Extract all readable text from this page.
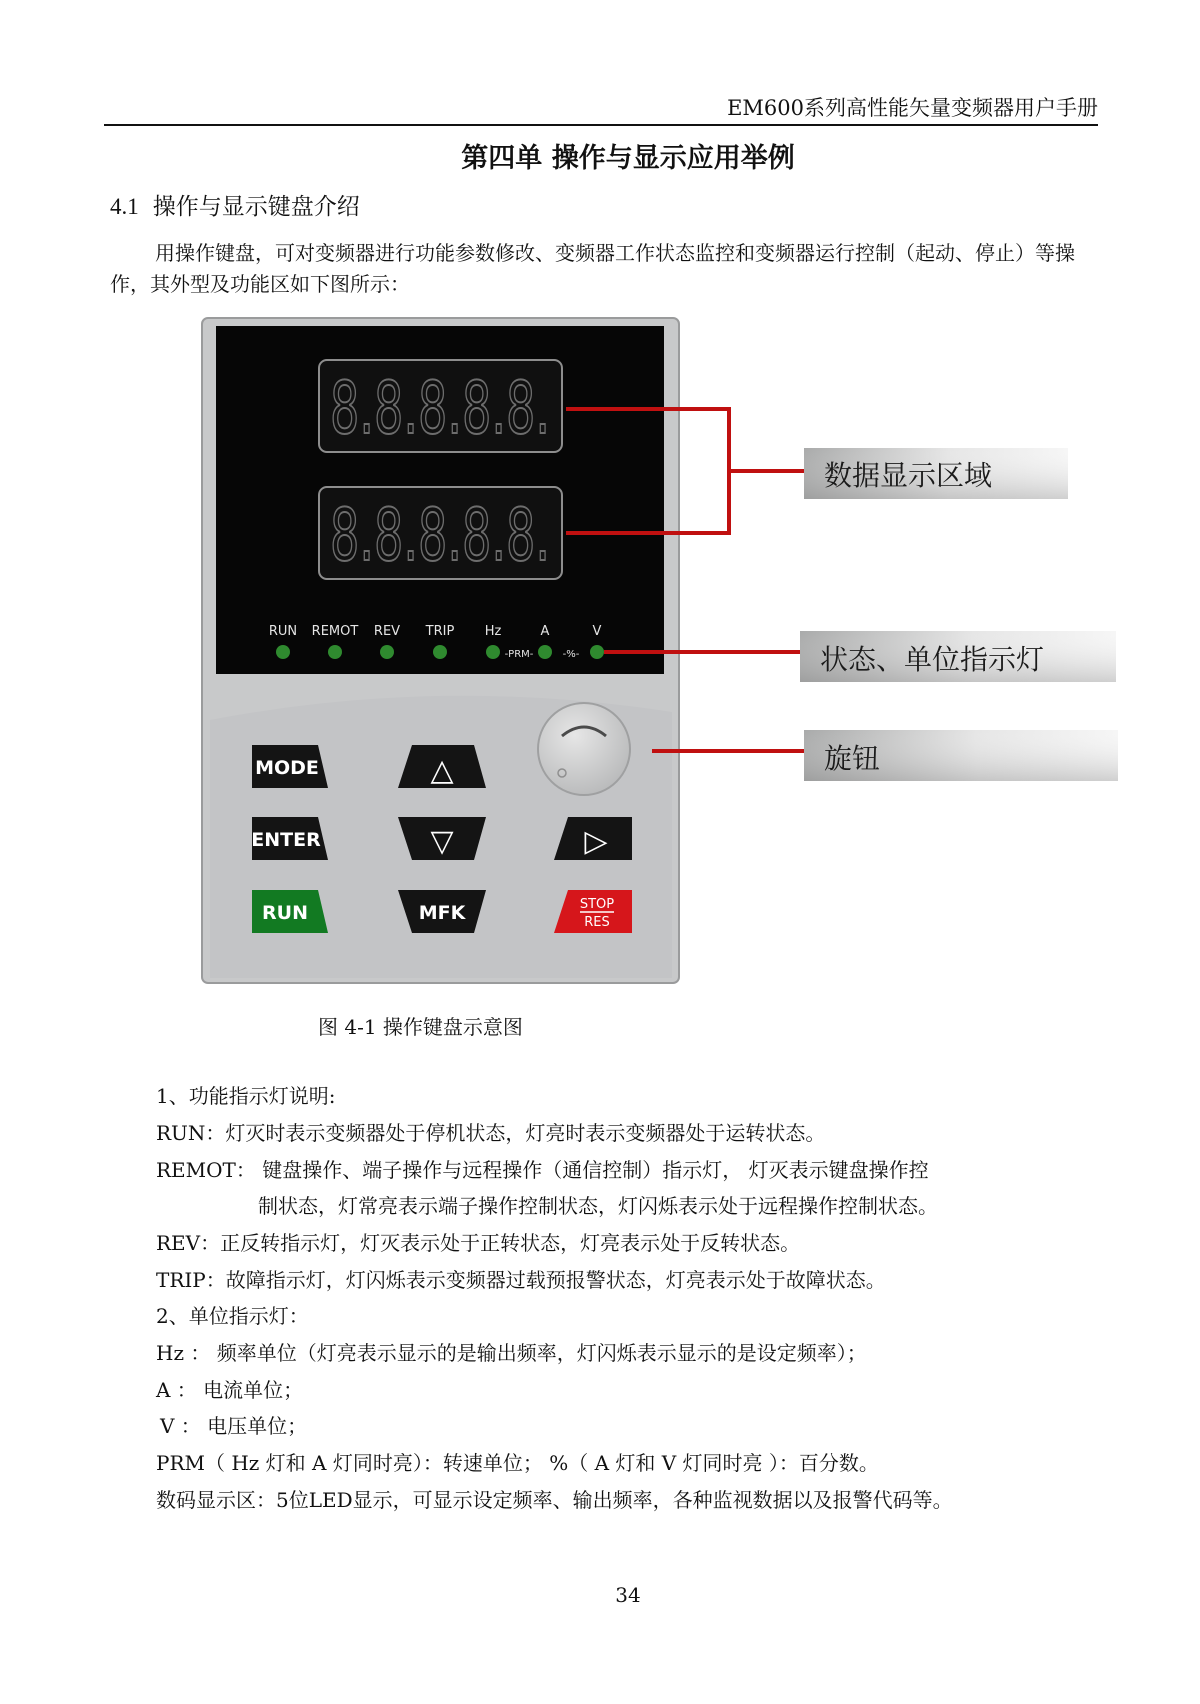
EM600系列高性能矢量变频器用户手册
第四单 操作与显示应用举例
4.1 操作与显示键盘介绍
用操作键盘，可对变频器进行功能参数修改、变频器工作状态监控和变频器运行控制（起动、停止）等操作，其外型及功能区如下图所示：
8.8.8.8.8.
8.8.8.8.8.
RUN REMOT REV TRIP Hz	A	V
-PRM-	-%-
MODE	△
ENTER	▽	▷
RUN	MFK	STOP
RES
数据显示区域
状态、单位指示灯
旋钮
图 4-1 操作键盘示意图
1、功能指示灯说明:
RUN：灯灭时表示变频器处于停机状态，灯亮时表示变频器处于运转状态。
REMOT： 键盘操作、端子操作与远程操作（通信控制）指示灯， 灯灭表示键盘操作控
制状态，灯常亮表示端子操作控制状态，灯闪烁表示处于远程操作控制状态。
REV：正反转指示灯，灯灭表示处于正转状态，灯亮表示处于反转状态。
TRIP：故障指示灯，灯闪烁表示变频器过载预报警状态，灯亮表示处于故障状态。
2、单位指示灯：
Hz ： 频率单位（灯亮表示显示的是输出频率，灯闪烁表示显示的是设定频率）；
A ： 电流单位；
V ： 电压单位；
PRM（ Hz 灯和 A 灯同时亮）：转速单位； %（ A 灯和 V 灯同时亮 ）：百分数。
数码显示区：5位LED显示，可显示设定频率、输出频率，各种监视数据以及报警代码等。
34
